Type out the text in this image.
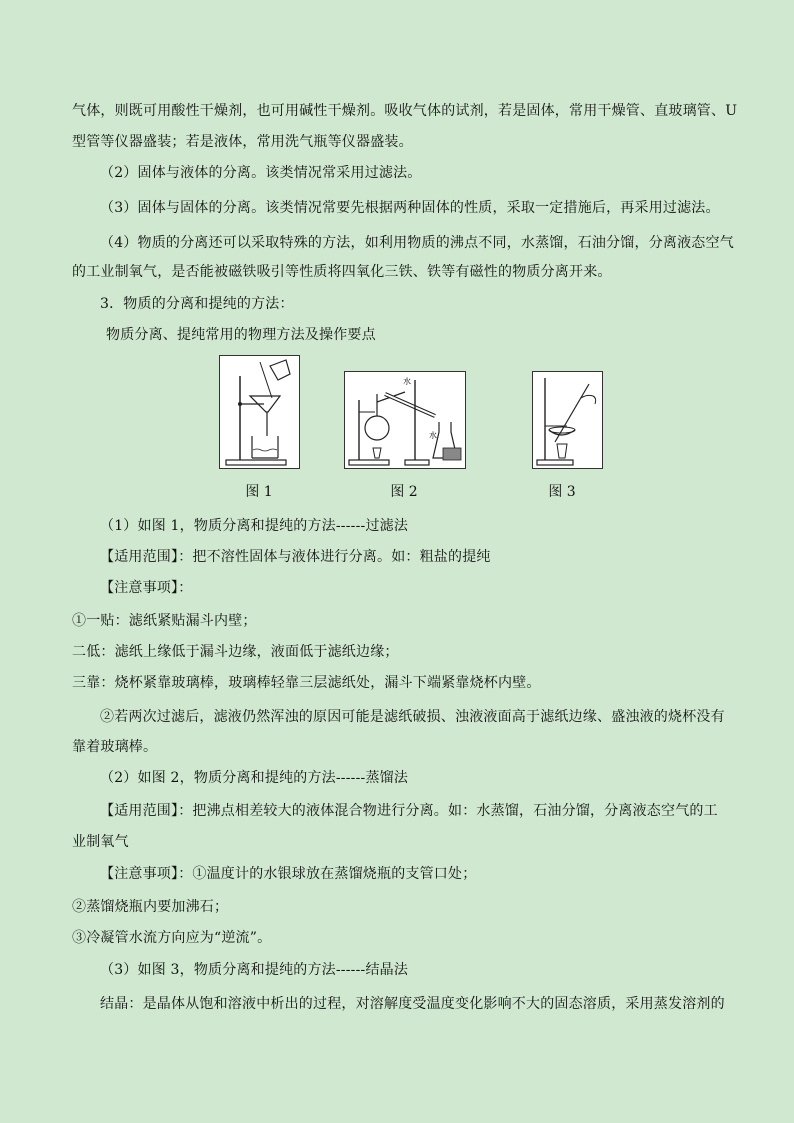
气体，则既可用酸性干燥剂，也可用碱性干燥剂。吸收气体的试剂，若是固体，常用干燥管、直玻璃管、U
型管等仪器盛装；若是液体，常用洗气瓶等仪器盛装。
（2）固体与液体的分离。该类情况常采用过滤法。
（3）固体与固体的分离。该类情况常要先根据两种固体的性质，采取一定措施后，再采用过滤法。
（4）物质的分离还可以采取特殊的方法，如利用物质的沸点不同，水蒸馏，石油分馏，分离液态空气
的工业制氧气，是否能被磁铁吸引等性质将四氧化三铁、铁等有磁性的物质分离开来。
3．物质的分离和提纯的方法：
物质分离、提纯常用的物理方法及操作要点
水
水
图 1	图 2	图 3
（1）如图 1，物质分离和提纯的方法------过滤法
【适用范围】：把不溶性固体与液体进行分离。如：粗盐的提纯
【注意事项】：
①一贴：滤纸紧贴漏斗内壁；
二低：滤纸上缘低于漏斗边缘，液面低于滤纸边缘；
三靠：烧杯紧靠玻璃棒，玻璃棒轻靠三层滤纸处，漏斗下端紧靠烧杯内壁。
②若两次过滤后，滤液仍然浑浊的原因可能是滤纸破损、浊液液面高于滤纸边缘、盛浊液的烧杯没有
靠着玻璃棒。
（2）如图 2，物质分离和提纯的方法------蒸馏法
【适用范围】：把沸点相差较大的液体混合物进行分离。如：水蒸馏，石油分馏，分离液态空气的工
业制氧气
【注意事项】：①温度计的水银球放在蒸馏烧瓶的支管口处；
②蒸馏烧瓶内要加沸石；
③冷凝管水流方向应为“逆流”。
（3）如图 3，物质分离和提纯的方法------结晶法
结晶：是晶体从饱和溶液中析出的过程，对溶解度受温度变化影响不大的固态溶质，采用蒸发溶剂的
